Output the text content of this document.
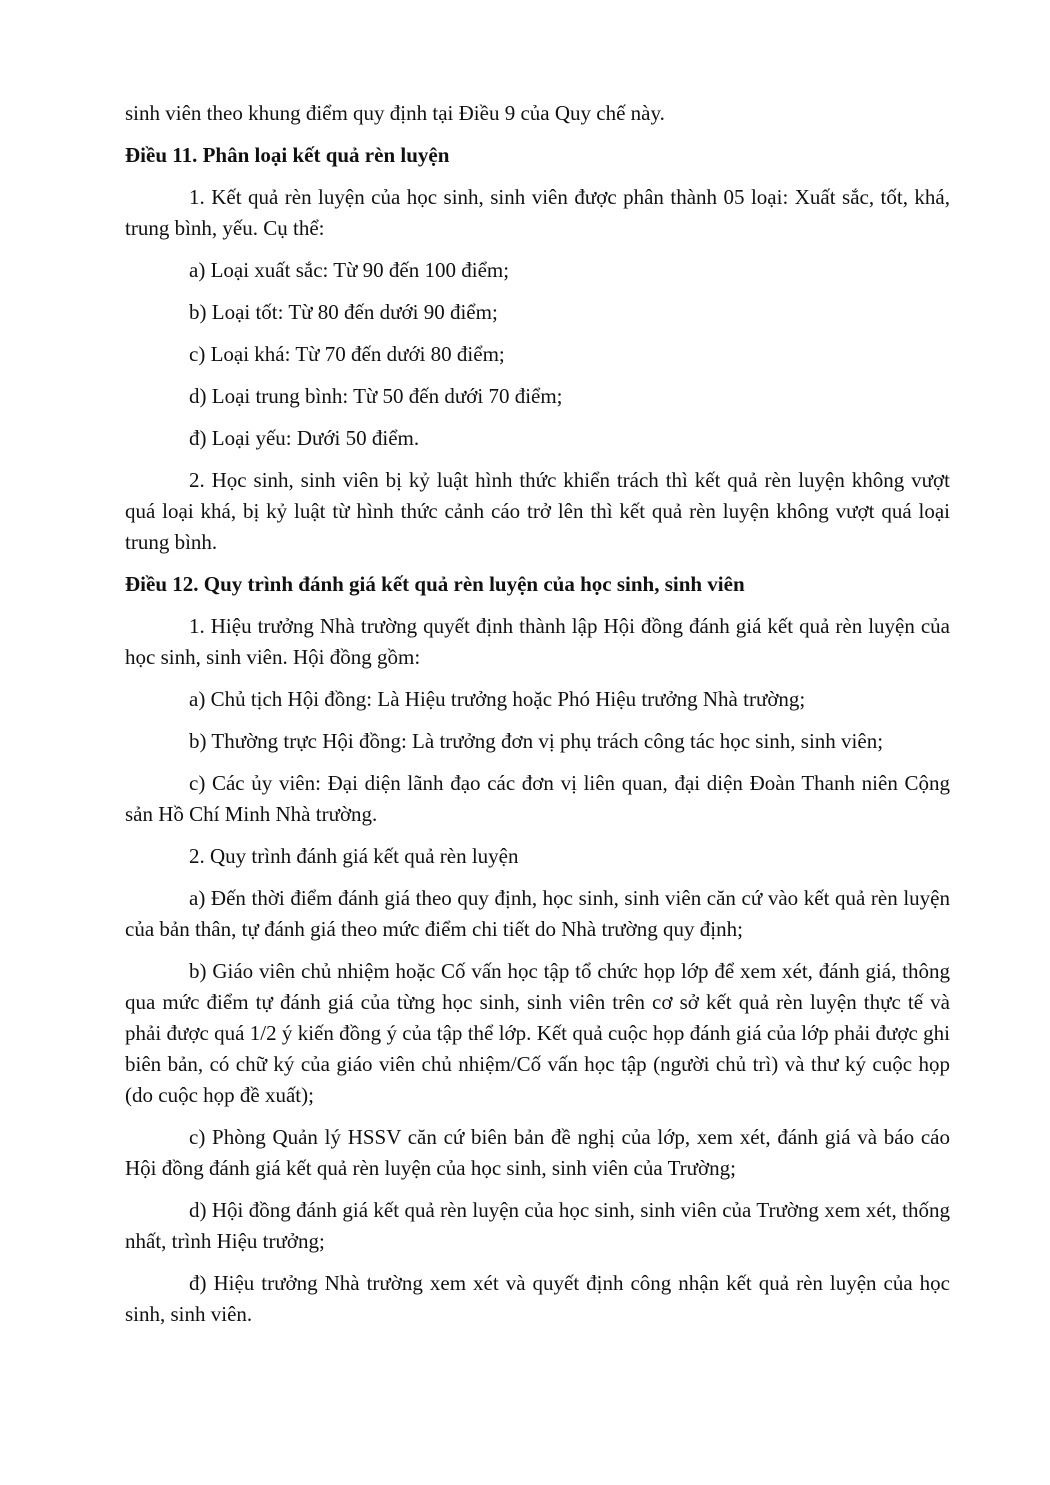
sinh viên theo khung điểm quy định tại Điều 9 của Quy chế này.

Điều 11. Phân loại kết quả rèn luyện

1. Kết quả rèn luyện của học sinh, sinh viên được phân thành 05 loại: Xuất sắc, tốt, khá, trung bình, yếu. Cụ thể:

a) Loại xuất sắc: Từ 90 đến 100 điểm;

b) Loại tốt: Từ 80 đến dưới 90 điểm;

c) Loại khá: Từ 70 đến dưới 80 điểm;

d) Loại trung bình: Từ 50 đến dưới 70 điểm;

đ) Loại yếu: Dưới 50 điểm.

2. Học sinh, sinh viên bị kỷ luật hình thức khiển trách thì kết quả rèn luyện không vượt quá loại khá, bị kỷ luật từ hình thức cảnh cáo trở lên thì kết quả rèn luyện không vượt quá loại trung bình.

Điều 12. Quy trình đánh giá kết quả rèn luyện của học sinh, sinh viên

1. Hiệu trưởng Nhà trường quyết định thành lập Hội đồng đánh giá kết quả rèn luyện của học sinh, sinh viên. Hội đồng gồm:

a) Chủ tịch Hội đồng: Là Hiệu trưởng hoặc Phó Hiệu trưởng Nhà trường;

b) Thường trực Hội đồng: Là trưởng đơn vị phụ trách công tác học sinh, sinh viên;

c) Các ủy viên: Đại diện lãnh đạo các đơn vị liên quan, đại diện Đoàn Thanh niên Cộng sản Hồ Chí Minh Nhà trường.

2. Quy trình đánh giá kết quả rèn luyện

a) Đến thời điểm đánh giá theo quy định, học sinh, sinh viên căn cứ vào kết quả rèn luyện của bản thân, tự đánh giá theo mức điểm chi tiết do Nhà trường quy định;

b) Giáo viên chủ nhiệm hoặc Cố vấn học tập tổ chức họp lớp để xem xét, đánh giá, thông qua mức điểm tự đánh giá của từng học sinh, sinh viên trên cơ sở kết quả rèn luyện thực tế và phải được quá 1/2 ý kiến đồng ý của tập thể lớp. Kết quả cuộc họp đánh giá của lớp phải được ghi biên bản, có chữ ký của giáo viên chủ nhiệm/Cố vấn học tập (người chủ trì) và thư ký cuộc họp (do cuộc họp đề xuất);

c) Phòng Quản lý HSSV căn cứ biên bản đề nghị của lớp, xem xét, đánh giá và báo cáo Hội đồng đánh giá kết quả rèn luyện của học sinh, sinh viên của Trường;

d) Hội đồng đánh giá kết quả rèn luyện của học sinh, sinh viên của Trường xem xét, thống nhất, trình Hiệu trưởng;

đ) Hiệu trưởng Nhà trường xem xét và quyết định công nhận kết quả rèn luyện của học sinh, sinh viên.
